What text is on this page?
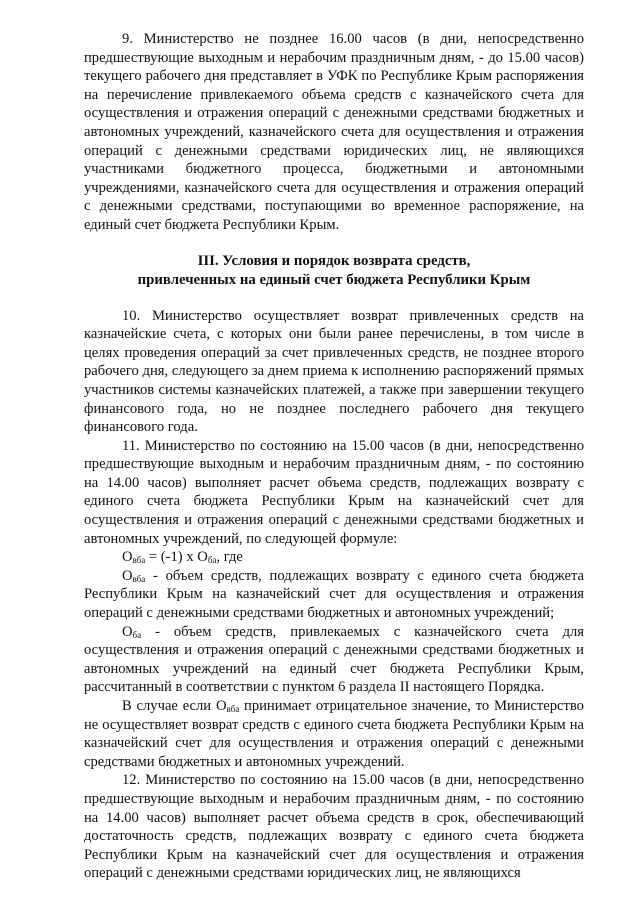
9. Министерство не позднее 16.00 часов (в дни, непосредственно предшествующие выходным и нерабочим праздничным дням, - до 15.00 часов) текущего рабочего дня представляет в УФК по Республике Крым распоряжения на перечисление привлекаемого объема средств с казначейского счета для осуществления и отражения операций с денежными средствами бюджетных и автономных учреждений, казначейского счета для осуществления и отражения операций с денежными средствами юридических лиц, не являющихся участниками бюджетного процесса, бюджетными и автономными учреждениями, казначейского счета для осуществления и отражения операций с денежными средствами, поступающими во временное распоряжение, на единый счет бюджета Республики Крым.

III. Условия и порядок возврата средств,
привлеченных на единый счет бюджета Республики Крым

10. Министерство осуществляет возврат привлеченных средств на казначейские счета, с которых они были ранее перечислены, в том числе в целях проведения операций за счет привлеченных средств, не позднее второго рабочего дня, следующего за днем приема к исполнению распоряжений прямых участников системы казначейских платежей, а также при завершении текущего финансового года, но не позднее последнего рабочего дня текущего финансового года.

11. Министерство по состоянию на 15.00 часов (в дни, непосредственно предшествующие выходным и нерабочим праздничным дням, - по состоянию на 14.00 часов) выполняет расчет объема средств, подлежащих возврату с единого счета бюджета Республики Крым на казначейский счет для осуществления и отражения операций с денежными средствами бюджетных и автономных учреждений, по следующей формуле:

$О_{вба} = (-1)$ х $О_{ба}$, где

$О_{вба}$ - объем средств, подлежащих возврату с единого счета бюджета Республики Крым на казначейский счет для осуществления и отражения операций с денежными средствами бюджетных и автономных учреждений;

$О_{ба}$ - объем средств, привлекаемых с казначейского счета для осуществления и отражения операций с денежными средствами бюджетных и автономных учреждений на единый счет бюджета Республики Крым, рассчитанный в соответствии с пунктом 6 раздела II настоящего Порядка.

В случае если $О_{вба}$ принимает отрицательное значение, то Министерство не осуществляет возврат средств с единого счета бюджета Республики Крым на казначейский счет для осуществления и отражения операций с денежными средствами бюджетных и автономных учреждений.

12. Министерство по состоянию на 15.00 часов (в дни, непосредственно предшествующие выходным и нерабочим праздничным дням, - по состоянию на 14.00 часов) выполняет расчет объема средств в срок, обеспечивающий достаточность средств, подлежащих возврату с единого счета бюджета Республики Крым на казначейский счет для осуществления и отражения операций с денежными средствами юридических лиц, не являющихся
